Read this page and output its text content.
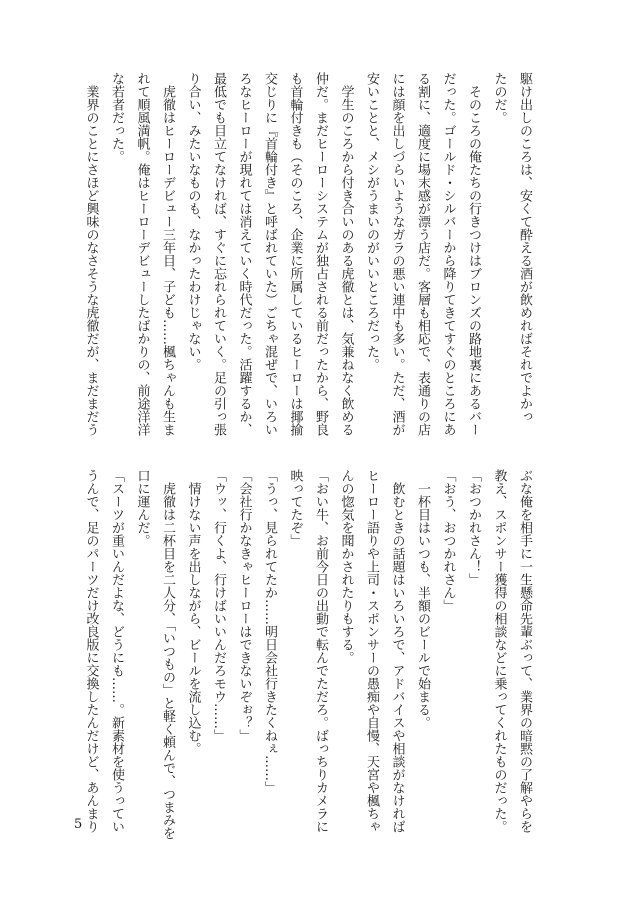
駆け出しのころは、安くて酔える酒が飲めればそれでよかっ
たのだ。
　そのころの俺たちの行きつけはブロンズの路地裏にあるバー
だった。ゴールド・シルバーから降りてきてすぐのところにあ
る割に、適度に場末感が漂う店だ。客層も相応で、表通りの店
には顔を出しづらいようなガラの悪い連中も多い。ただ、酒が
安いことと、メシがうまいのがいいところだった。
　学生のころから付き合いのある虎徹とは、気兼ねなく飲める
仲だ。まだヒーローシステムが独占される前だったから、野良
も首輪付きも（そのころ、企業に所属しているヒーローは揶揄
交じりに『首輪付き』と呼ばれていた）ごちゃ混ぜで、いろい
ろなヒーローが現れては消えていく時代だった。活躍するか、
最低でも目立てなければ、すぐに忘れられていく。足の引っ張
り合い、みたいなものも、なかったわけじゃない。
　虎徹はヒーローデビュー三年目、子ども……楓ちゃんも生ま
れて順風満帆。俺はヒーローデビューしたばかりの、前途洋洋
な若者だった。
　業界のことにさほど興味のなさそうな虎徹だが、まだまだう
ぶな俺を相手に一生懸命先輩ぶって、業界の暗黙の了解やらを
教え、スポンサー獲得の相談などに乗ってくれたものだった。
「おつかれさん！」
「おう、おつかれさん」
　一杯目はいつも、半額のビールで始まる。
　飲むときの話題はいろいろで、アドバイスや相談がなければ
ヒーロー語りや上司・スポンサーの愚痴や自慢、天宮や楓ちゃ
んの惚気を聞かされたりもする。
「おい牛、お前今日の出動で転んでただろ。ばっちりカメラに
映ってたぞ」
「うっ、見られてたか……明日会社行きたくねぇ……」
「会社行かなきゃヒーローはできないぞぉ？」
「ウッ、行くよ、行けばいいんだろモウ……」
　情けない声を出しながら、ビールを流し込む。
　虎徹は二杯目を二人分、「いつもの」と軽く頼んで、つまみを
口に運んだ。
「スーツが重いんだよな、どうにも……。新素材を使うってい
うんで、足のパーツだけ改良版に交換したんだけど、あんまり
5
